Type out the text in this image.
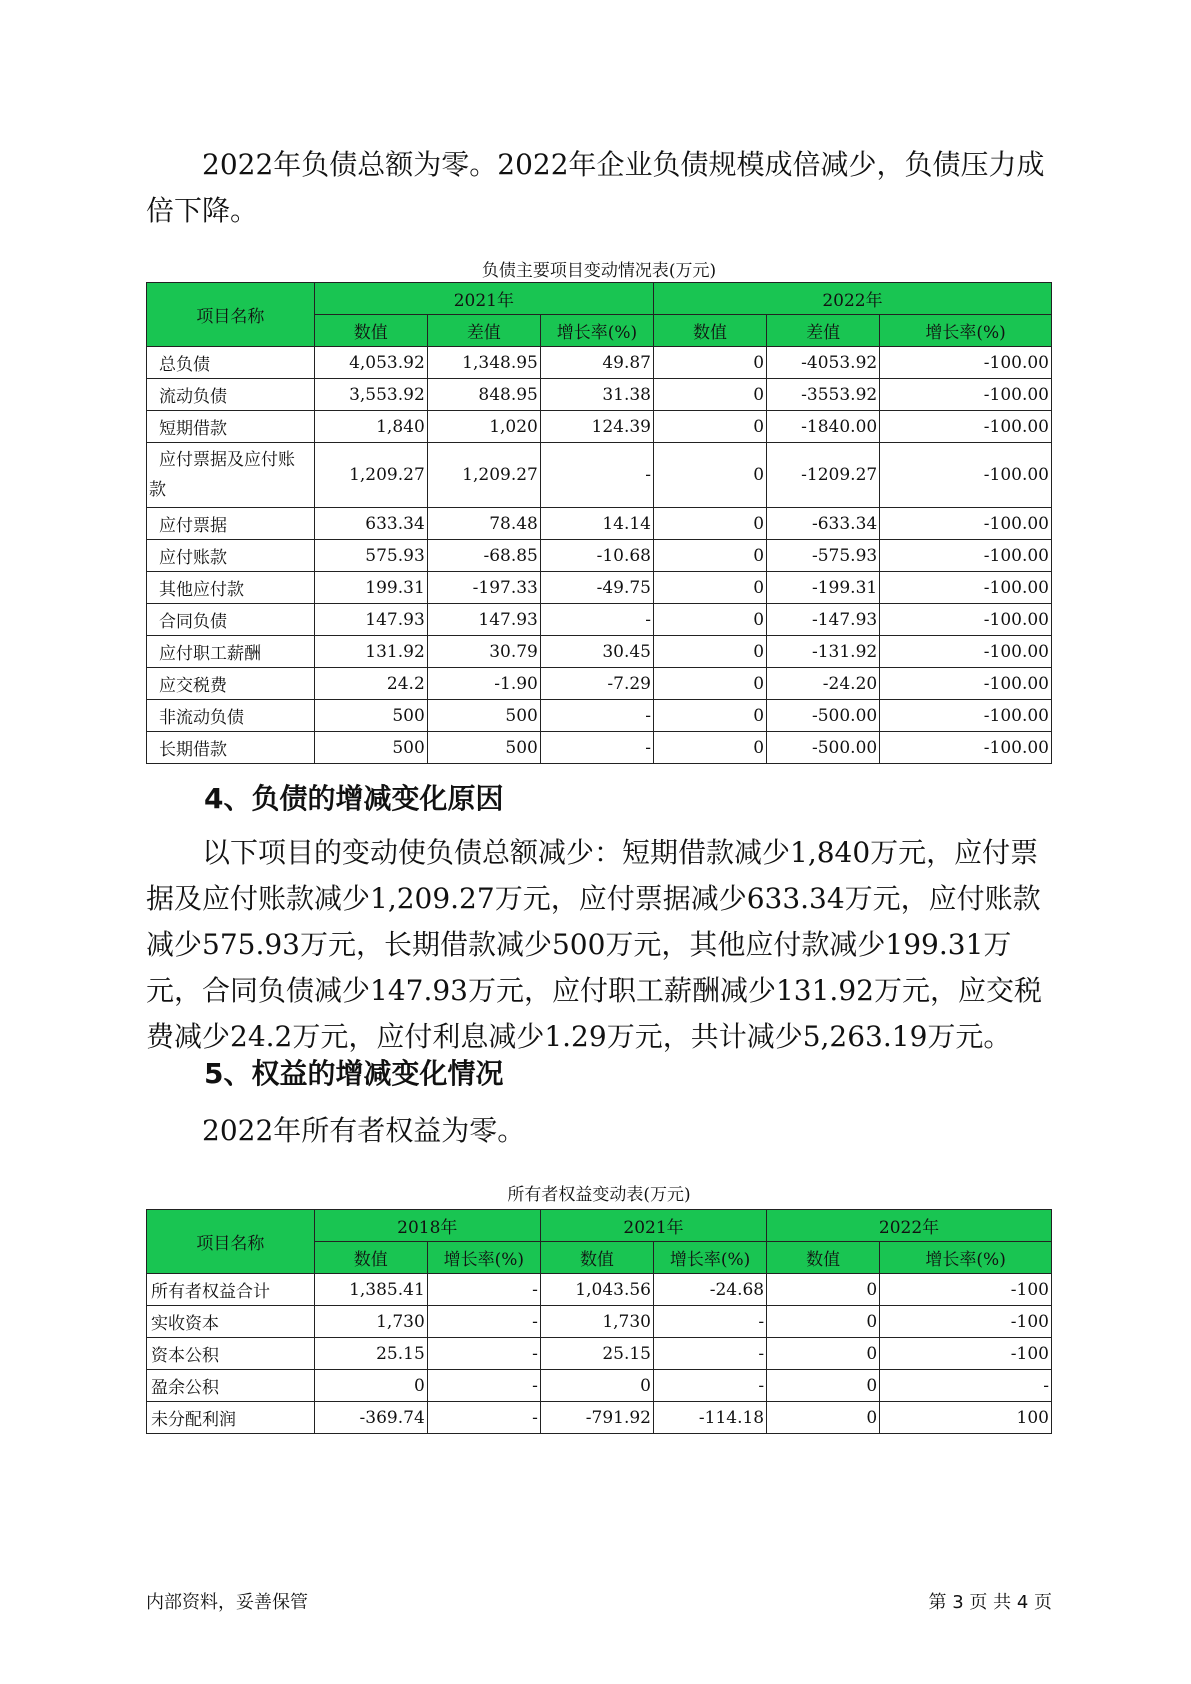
2022年负债总额为零。2022年企业负债规模成倍减少，负债压力成倍下降。

负债主要项目变动情况表(万元)

项目名称	2021年			2022年		
	数值	差值	增长率(%)	数值	差值	增长率(%)
总负债	4,053.92	1,348.95	49.87	0	-4053.92	-100.00
流动负债	3,553.92	848.95	31.38	0	-3553.92	-100.00
短期借款	1,840	1,020	124.39	0	-1840.00	-100.00
应付票据及应付账款	1,209.27	1,209.27	-	0	-1209.27	-100.00
应付票据	633.34	78.48	14.14	0	-633.34	-100.00
应付账款	575.93	-68.85	-10.68	0	-575.93	-100.00
其他应付款	199.31	-197.33	-49.75	0	-199.31	-100.00
合同负债	147.93	147.93	-	0	-147.93	-100.00
应付职工薪酬	131.92	30.79	30.45	0	-131.92	-100.00
应交税费	24.2	-1.90	-7.29	0	-24.20	-100.00
非流动负债	500	500	-	0	-500.00	-100.00
长期借款	500	500	-	0	-500.00	-100.00
4、负债的增减变化原因

以下项目的变动使负债总额减少：短期借款减少1,840万元，应付票据及应付账款减少1,209.27万元，应付票据减少633.34万元，应付账款减少575.93万元，长期借款减少500万元，其他应付款减少199.31万元，合同负债减少147.93万元，应付职工薪酬减少131.92万元，应交税费减少24.2万元，应付利息减少1.29万元，共计减少5,263.19万元。

5、权益的增减变化情况

2022年所有者权益为零。

所有者权益变动表(万元)

项目名称	2018年		2021年		2022年	
	数值	增长率(%)	数值	增长率(%)	数值	增长率(%)
所有者权益合计	1,385.41	-	1,043.56	-24.68	0	-100
实收资本	1,730	-	1,730	-	0	-100
资本公积	25.15	-	25.15	-	0	-100
盈余公积	0	-	0	-	0	-
未分配利润	-369.74	-	-791.92	-114.18	0	100
内部资料，妥善保管	第 3 页 共 4 页
